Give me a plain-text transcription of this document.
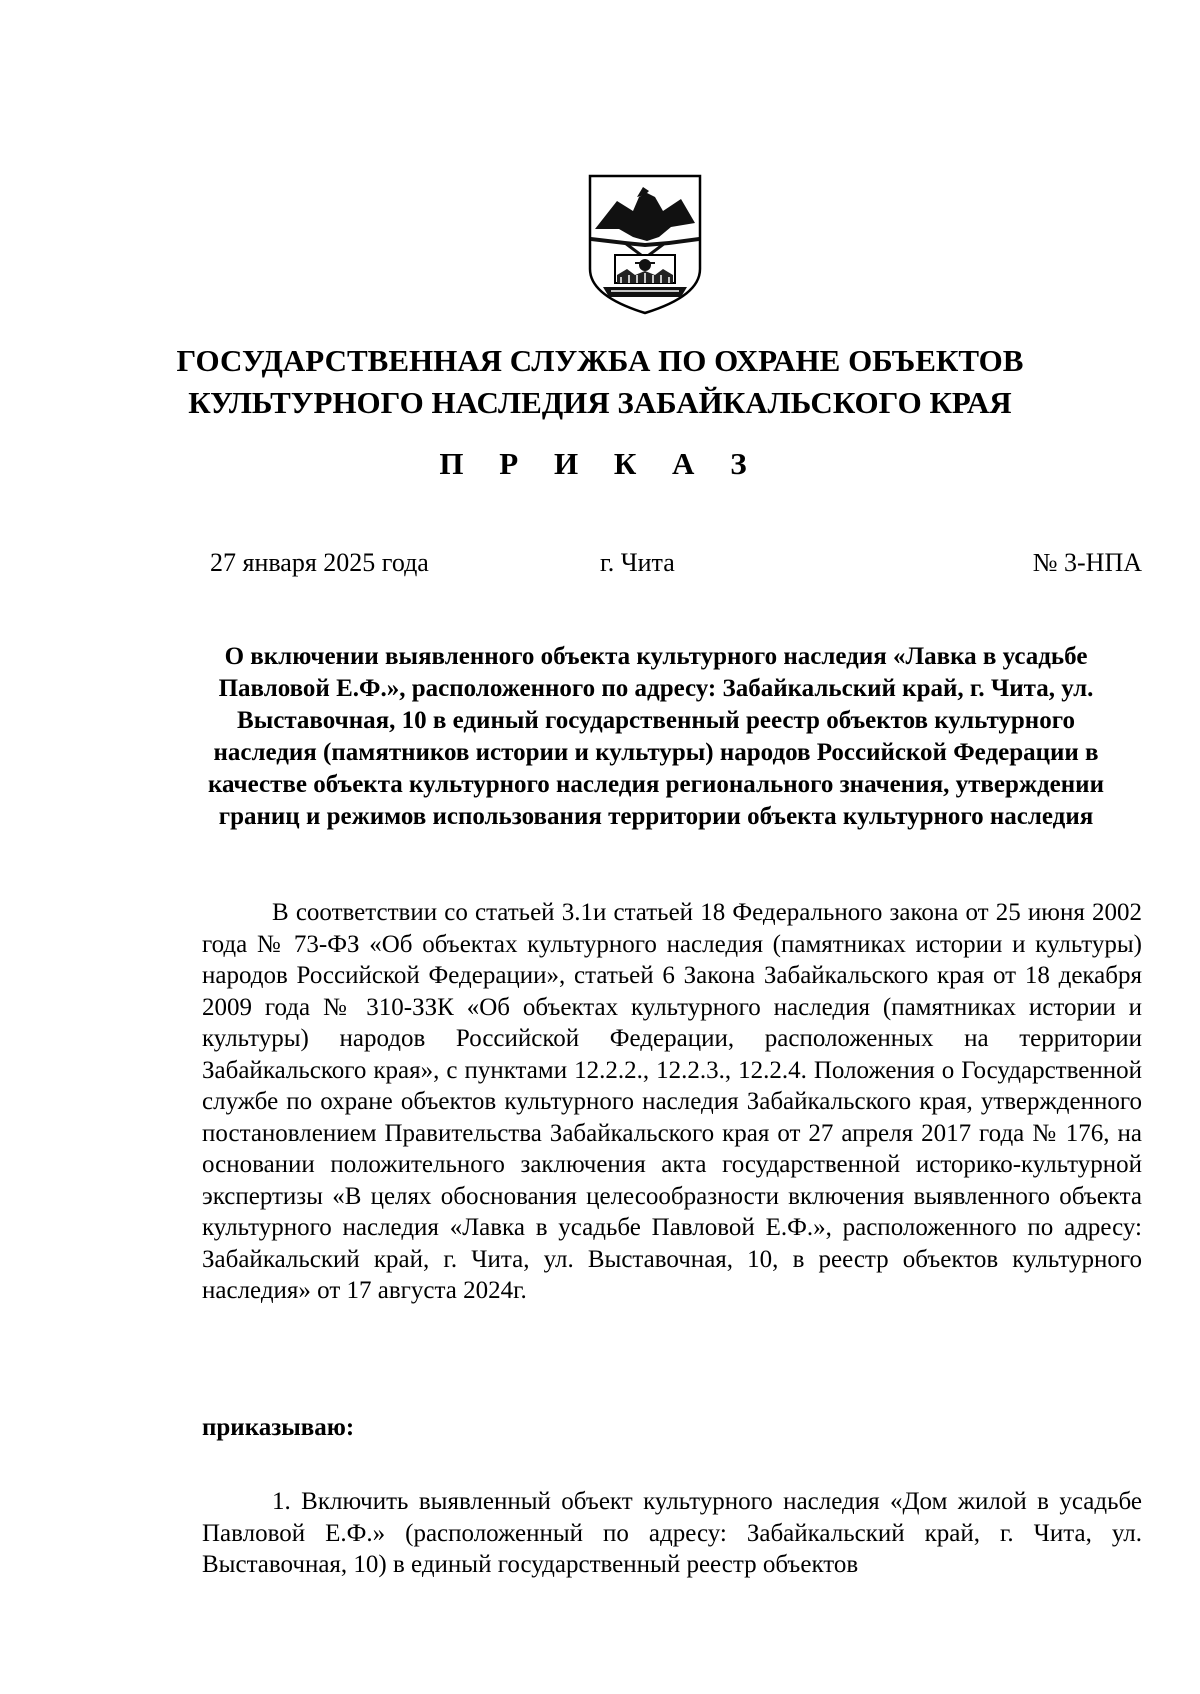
ГОСУДАРСТВЕННАЯ СЛУЖБА ПО ОХРАНЕ ОБЪЕКТОВ
КУЛЬТУРНОГО НАСЛЕДИЯ ЗАБАЙКАЛЬСКОГО КРАЯ
П Р И К А З
27 января 2025 года	г. Чита	№ 3-НПА
О включении выявленного объекта культурного наследия «Лавка в усадьбе Павловой Е.Ф.», расположенного по адресу: Забайкальский край, г. Чита, ул. Выставочная, 10 в единый государственный реестр объектов культурного наследия (памятников истории и культуры) народов Российской Федерации в качестве объекта культурного наследия регионального значения, утверждении границ и режимов использования территории объекта культурного наследия
В соответствии со статьей 3.1и статьей 18 Федерального закона от 25 июня 2002 года № 73-ФЗ «Об объектах культурного наследия (памятниках истории и культуры) народов Российской Федерации», статьей 6 Закона Забайкальского края от 18 декабря 2009 года № 310-ЗЗК «Об объектах культурного наследия (памятниках истории и культуры) народов Российской Федерации, расположенных на территории Забайкальского края», с пунктами 12.2.2., 12.2.3., 12.2.4. Положения о Государственной службе по охране объектов культурного наследия Забайкальского края, утвержденного постановлением Правительства Забайкальского края от 27 апреля 2017 года № 176, на основании положительного заключения акта государственной историко-культурной экспертизы «В целях обоснования целесообразности включения выявленного объекта культурного наследия «Лавка в усадьбе Павловой Е.Ф.», расположенного по адресу: Забайкальский край, г. Чита, ул. Выставочная, 10, в реестр объектов культурного наследия» от 17 августа 2024г.
приказываю:
1. Включить выявленный объект культурного наследия «Дом жилой в усадьбе Павловой Е.Ф.» (расположенный по адресу: Забайкальский край, г. Чита, ул. Выставочная, 10) в единый государственный реестр объектов
